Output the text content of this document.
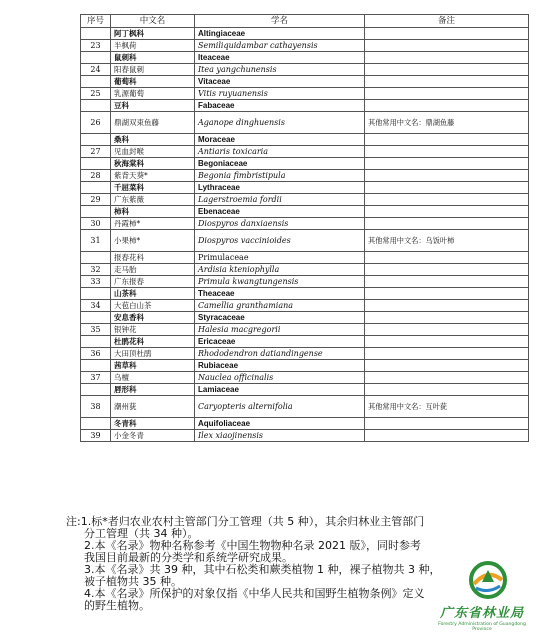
序号	中文名	学名	备注
	阿丁枫科	Altingiaceae	
23	半枫荷	Semiliquidambar cathayensis	
	鼠刺科	Iteaceae	
24	阳春鼠刺	Itea yangchunensis	
	葡萄科	Vitaceae	
25	乳源葡萄	Vitis ruyuanensis	
	豆科	Fabaceae	
26	鼎湖双束鱼藤	Aganope dinghuensis	其他常用中文名：鼎湖鱼藤
	桑科	Moraceae	
27	见血封喉	Antiaris toxicaria	
	秋海棠科	Begoniaceae	
28	紫背天葵*	Begonia fimbristipula	
	千屈菜科	Lythraceae	
29	广东紫薇	Lagerstroemia fordii	
	柿科	Ebenaceae	
30	丹霞柿*	Diospyros danxiaensis	
31	小果柿*	Diospyros vaccinioides	其他常用中文名：乌饭叶柿
	报春花科	Primulaceae	
32	走马胎	Ardisia kteniophylla	
33	广东报春	Primula kwangtungensis	
	山茶科	Theaceae	
34	大苞白山茶	Camellia granthamiana	
	安息香科	Styracaceae	
35	银钟花	Halesia macgregorii	
	杜鹃花科	Ericaceae	
36	大田顶杜鹃	Rhododendron datiandingense	
	茜草科	Rubiaceae	
37	乌檀	Nauclea officinalis	
	唇形科	Lamiaceae	
38	潮州莸	Caryopteris alternifolia	其他常用中文名：互叶莸
	冬青科	Aquifoliaceae	
39	小金冬青	Ilex xiaojinensis	

注:1.标*者归农业农村主管部门分工管理（共 5 种），其余归林业主管部门

分工管理（共 34 种）。

2.本《名录》物种名称参考《中国生物物种名录 2021 版》，同时参考

我国目前最新的分类学和系统学研究成果。

3.本《名录》共 39 种，其中石松类和蕨类植物 1 种，裸子植物共 3 种，

被子植物共 35 种。

4.本《名录》所保护的对象仅指《中华人民共和国野生植物条例》定义

的野生植物。

广东省林业局
Forestry Administration of Guangdong Province
